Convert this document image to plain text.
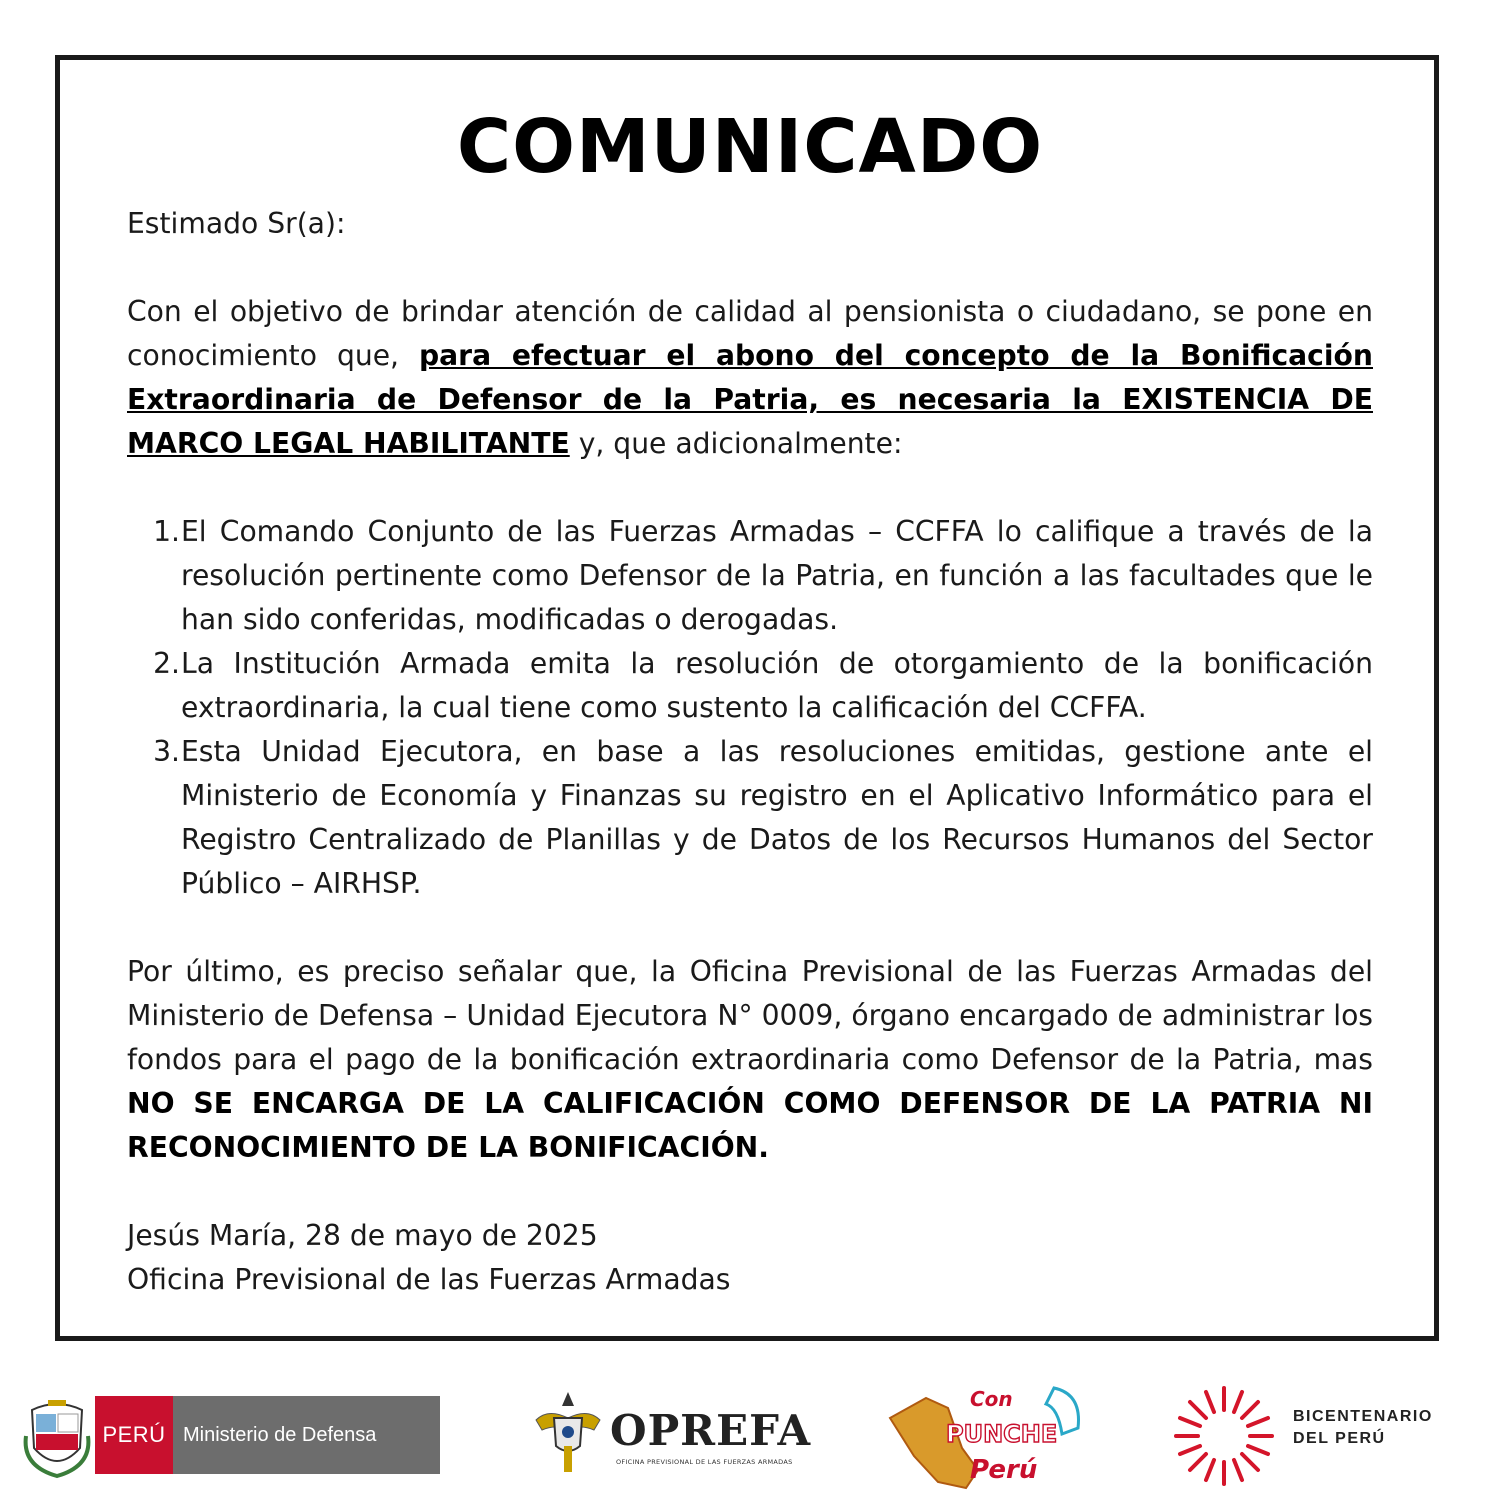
COMUNICADO

Estimado Sr(a):

Con el objetivo de brindar atención de calidad al pensionista o ciudadano, se pone en conocimiento que, para efectuar el abono del concepto de la Bonificación Extraordinaria de Defensor de la Patria, es necesaria la EXISTENCIA DE MARCO LEGAL HABILITANTE y, que adicionalmente:

1. El Comando Conjunto de las Fuerzas Armadas – CCFFA lo califique a través de la resolución pertinente como Defensor de la Patria, en función a las facultades que le han sido conferidas, modificadas o derogadas.
2. La Institución Armada emita la resolución de otorgamiento de la bonificación extraordinaria, la cual tiene como sustento la calificación del CCFFA.
3. Esta Unidad Ejecutora, en base a las resoluciones emitidas, gestione ante el Ministerio de Economía y Finanzas su registro en el Aplicativo Informático para el Registro Centralizado de Planillas y de Datos de los Recursos Humanos del Sector Público – AIRHSP.

Por último, es preciso señalar que, la Oficina Previsional de las Fuerzas Armadas del Ministerio de Defensa – Unidad Ejecutora N° 0009, órgano encargado de administrar los fondos para el pago de la bonificación extraordinaria como Defensor de la Patria, mas NO SE ENCARGA DE LA CALIFICACIÓN COMO DEFENSOR DE LA PATRIA NI RECONOCIMIENTO DE LA BONIFICACIÓN.

Jesús María, 28 de mayo de 2025

Oficina Previsional de las Fuerzas Armadas

PERÚ Ministerio de Defensa	OPREFA
OFICINA PREVISIONAL DE LAS FUERZAS ARMADAS
Con
PUNCHE
Perú
BICENTENARIO
DEL PERÚ
